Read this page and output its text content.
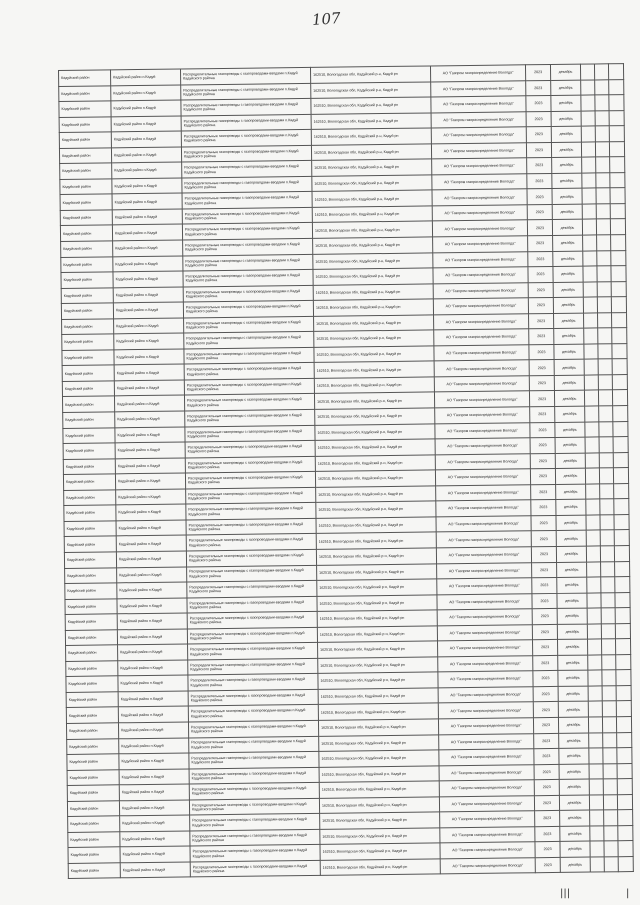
107
Кадуйский район	Кадуйский район п.Кадуй	Распределительные газопроводы с газопроводами-вводами п.Кадуй Кадуйского района	162510, Вологодская обл, Кадуйский р-н, Кадуй рп	АО "Газпром газораспределение Вологда"	2023	декабрь			
Кадуйский район	Кадуйский район п.Кадуй	Распределительные газопроводы с газопроводами-вводами п.Кадуй Кадуйского района	162510, Вологодская обл, Кадуйский р-н, Кадуй рп	АО "Газпром газораспределение Вологда"	2023	декабрь			
Кадуйский район	Кадуйский район п.Кадуй	Распределительные газопроводы с газопроводами-вводами п.Кадуй Кадуйского района	162510, Вологодская обл, Кадуйский р-н, Кадуй рп	АО "Газпром газораспределение Вологда"	2023	декабрь			
Кадуйский район	Кадуйский район п.Кадуй	Распределительные газопроводы с газопроводами-вводами п.Кадуй Кадуйского района	162510, Вологодская обл, Кадуйский р-н, Кадуй рп	АО "Газпром газораспределение Вологда"	2023	декабрь			
Кадуйский район	Кадуйский район п.Кадуй	Распределительные газопроводы с газопроводами-вводами п.Кадуй Кадуйского района	162510, Вологодская обл, Кадуйский р-н, Кадуй рп	АО "Газпром газораспределение Вологда"	2023	декабрь			
Кадуйский район	Кадуйский район п.Кадуй	Распределительные газопроводы с газопроводами-вводами п.Кадуй Кадуйского района	162510, Вологодская обл, Кадуйский р-н, Кадуй рп	АО "Газпром газораспределение Вологда"	2023	декабрь			
Кадуйский район	Кадуйский район п.Кадуй	Распределительные газопроводы с газопроводами-вводами п.Кадуй Кадуйского района	162510, Вологодская обл, Кадуйский р-н, Кадуй рп	АО "Газпром газораспределение Вологда"	2023	декабрь			
Кадуйский район	Кадуйский район п.Кадуй	Распределительные газопроводы с газопроводами-вводами п.Кадуй Кадуйского района	162510, Вологодская обл, Кадуйский р-н, Кадуй рп	АО "Газпром газораспределение Вологда"	2023	декабрь			
Кадуйский район	Кадуйский район п.Кадуй	Распределительные газопроводы с газопроводами-вводами п.Кадуй Кадуйского района	162510, Вологодская обл, Кадуйский р-н, Кадуй рп	АО "Газпром газораспределение Вологда"	2023	декабрь			
Кадуйский район	Кадуйский район п.Кадуй	Распределительные газопроводы с газопроводами-вводами п.Кадуй Кадуйского района	162510, Вологодская обл, Кадуйский р-н, Кадуй рп	АО "Газпром газораспределение Вологда"	2023	декабрь			
Кадуйский район	Кадуйский район п.Кадуй	Распределительные газопроводы с газопроводами-вводами п.Кадуй Кадуйского района	162510, Вологодская обл, Кадуйский р-н, Кадуй рп	АО "Газпром газораспределение Вологда"	2023	декабрь			
Кадуйский район	Кадуйский район п.Кадуй	Распределительные газопроводы с газопроводами-вводами п.Кадуй Кадуйского района	162510, Вологодская обл, Кадуйский р-н, Кадуй рп	АО "Газпром газораспределение Вологда"	2023	декабрь			
Кадуйский район	Кадуйский район п.Кадуй	Распределительные газопроводы с газопроводами-вводами п.Кадуй Кадуйского района	162510, Вологодская обл, Кадуйский р-н, Кадуй рп	АО "Газпром газораспределение Вологда"	2023	декабрь			
Кадуйский район	Кадуйский район п.Кадуй	Распределительные газопроводы с газопроводами-вводами п.Кадуй Кадуйского района	162510, Вологодская обл, Кадуйский р-н, Кадуй рп	АО "Газпром газораспределение Вологда"	2023	декабрь			
Кадуйский район	Кадуйский район п.Кадуй	Распределительные газопроводы с газопроводами-вводами п.Кадуй Кадуйского района	162510, Вологодская обл, Кадуйский р-н, Кадуй рп	АО "Газпром газораспределение Вологда"	2023	декабрь			
Кадуйский район	Кадуйский район п.Кадуй	Распределительные газопроводы с газопроводами-вводами п.Кадуй Кадуйского района	162510, Вологодская обл, Кадуйский р-н, Кадуй рп	АО "Газпром газораспределение Вологда"	2023	декабрь			
Кадуйский район	Кадуйский район п.Кадуй	Распределительные газопроводы с газопроводами-вводами п.Кадуй Кадуйского района	162510, Вологодская обл, Кадуйский р-н, Кадуй рп	АО "Газпром газораспределение Вологда"	2023	декабрь			
Кадуйский район	Кадуйский район п.Кадуй	Распределительные газопроводы с газопроводами-вводами п.Кадуй Кадуйского района	162510, Вологодская обл, Кадуйский р-н, Кадуй рп	АО "Газпром газораспределение Вологда"	2023	декабрь			
Кадуйский район	Кадуйский район п.Кадуй	Распределительные газопроводы с газопроводами-вводами п.Кадуй Кадуйского района	162510, Вологодская обл, Кадуйский р-н, Кадуй рп	АО "Газпром газораспределение Вологда"	2023	декабрь			
Кадуйский район	Кадуйский район п.Кадуй	Распределительные газопроводы с газопроводами-вводами п.Кадуй Кадуйского района	162510, Вологодская обл, Кадуйский р-н, Кадуй рп	АО "Газпром газораспределение Вологда"	2023	декабрь			
Кадуйский район	Кадуйский район п.Кадуй	Распределительные газопроводы с газопроводами-вводами п.Кадуй Кадуйского района	162510, Вологодская обл, Кадуйский р-н, Кадуй рп	АО "Газпром газораспределение Вологда"	2023	декабрь			
Кадуйский район	Кадуйский район п.Кадуй	Распределительные газопроводы с газопроводами-вводами п.Кадуй Кадуйского района	162510, Вологодская обл, Кадуйский р-н, Кадуй рп	АО "Газпром газораспределение Вологда"	2023	декабрь			
Кадуйский район	Кадуйский район п.Кадуй	Распределительные газопроводы с газопроводами-вводами п.Кадуй Кадуйского района	162510, Вологодская обл, Кадуйский р-н, Кадуй рп	АО "Газпром газораспределение Вологда"	2023	декабрь			
Кадуйский район	Кадуйский район п.Кадуй	Распределительные газопроводы с газопроводами-вводами п.Кадуй Кадуйского района	162510, Вологодская обл, Кадуйский р-н, Кадуй рп	АО "Газпром газораспределение Вологда"	2023	декабрь			
Кадуйский район	Кадуйский район п.Кадуй	Распределительные газопроводы с газопроводами-вводами п.Кадуй Кадуйского района	162510, Вологодская обл, Кадуйский р-н, Кадуй рп	АО "Газпром газораспределение Вологда"	2023	декабрь			
Кадуйский район	Кадуйский район п.Кадуй	Распределительные газопроводы с газопроводами-вводами п.Кадуй Кадуйского района	162510, Вологодская обл, Кадуйский р-н, Кадуй рп	АО "Газпром газораспределение Вологда"	2023	декабрь			
Кадуйский район	Кадуйский район п.Кадуй	Распределительные газопроводы с газопроводами-вводами п.Кадуй Кадуйского района	162510, Вологодская обл, Кадуйский р-н, Кадуй рп	АО "Газпром газораспределение Вологда"	2023	декабрь			
Кадуйский район	Кадуйский район п.Кадуй	Распределительные газопроводы с газопроводами-вводами п.Кадуй Кадуйского района	162510, Вологодская обл, Кадуйский р-н, Кадуй рп	АО "Газпром газораспределение Вологда"	2023	декабрь			
Кадуйский район	Кадуйский район п.Кадуй	Распределительные газопроводы с газопроводами-вводами п.Кадуй Кадуйского района	162510, Вологодская обл, Кадуйский р-н, Кадуй рп	АО "Газпром газораспределение Вологда"	2023	декабрь			
Кадуйский район	Кадуйский район п.Кадуй	Распределительные газопроводы с газопроводами-вводами п.Кадуй Кадуйского района	162510, Вологодская обл, Кадуйский р-н, Кадуй рп	АО "Газпром газораспределение Вологда"	2023	декабрь			
Кадуйский район	Кадуйский район п.Кадуй	Распределительные газопроводы с газопроводами-вводами п.Кадуй Кадуйского района	162510, Вологодская обл, Кадуйский р-н, Кадуй рп	АО "Газпром газораспределение Вологда"	2023	декабрь			
Кадуйский район	Кадуйский район п.Кадуй	Распределительные газопроводы с газопроводами-вводами п.Кадуй Кадуйского района	162510, Вологодская обл, Кадуйский р-н, Кадуй рп	АО "Газпром газораспределение Вологда"	2023	декабрь			
Кадуйский район	Кадуйский район п.Кадуй	Распределительные газопроводы с газопроводами-вводами п.Кадуй Кадуйского района	162510, Вологодская обл, Кадуйский р-н, Кадуй рп	АО "Газпром газораспределение Вологда"	2023	декабрь			
Кадуйский район	Кадуйский район п.Кадуй	Распределительные газопроводы с газопроводами-вводами п.Кадуй Кадуйского района	162510, Вологодская обл, Кадуйский р-н, Кадуй рп	АО "Газпром газораспределение Вологда"	2023	декабрь			
Кадуйский район	Кадуйский район п.Кадуй	Распределительные газопроводы с газопроводами-вводами п.Кадуй Кадуйского района	162510, Вологодская обл, Кадуйский р-н, Кадуй рп	АО "Газпром газораспределение Вологда"	2023	декабрь			
Кадуйский район	Кадуйский район п.Кадуй	Распределительные газопроводы с газопроводами-вводами п.Кадуй Кадуйского района	162510, Вологодская обл, Кадуйский р-н, Кадуй рп	АО "Газпром газораспределение Вологда"	2023	декабрь			
Кадуйский район	Кадуйский район п.Кадуй	Распределительные газопроводы с газопроводами-вводами п.Кадуй Кадуйского района	162510, Вологодская обл, Кадуйский р-н, Кадуй рп	АО "Газпром газораспределение Вологда"	2023	декабрь			
Кадуйский район	Кадуйский район п.Кадуй	Распределительные газопроводы с газопроводами-вводами п.Кадуй Кадуйского района	162510, Вологодская обл, Кадуйский р-н, Кадуй рп	АО "Газпром газораспределение Вологда"	2023	декабрь			
Кадуйский район	Кадуйский район п.Кадуй	Распределительные газопроводы с газопроводами-вводами п.Кадуй Кадуйского района	162510, Вологодская обл, Кадуйский р-н, Кадуй рп	АО "Газпром газораспределение Вологда"	2023	декабрь			
Кадуйский район	Кадуйский район п.Кадуй	Распределительные газопроводы с газопроводами-вводами п.Кадуй Кадуйского района	162510, Вологодская обл, Кадуйский р-н, Кадуй рп	АО "Газпром газораспределение Вологда"	2023	декабрь			
Кадуйский район	Кадуйский район п.Кадуй	Распределительные газопроводы с газопроводами-вводами п.Кадуй Кадуйского района	162510, Вологодская обл, Кадуйский р-н, Кадуй рп	АО "Газпром газораспределение Вологда"	2023	декабрь			
Кадуйский район	Кадуйский район п.Кадуй	Распределительные газопроводы с газопроводами-вводами п.Кадуй Кадуйского района	162510, Вологодская обл, Кадуйский р-н, Кадуй рп	АО "Газпром газораспределение Вологда"	2023	декабрь			
Кадуйский район	Кадуйский район п.Кадуй	Распределительные газопроводы с газопроводами-вводами п.Кадуй Кадуйского района	162510, Вологодская обл, Кадуйский р-н, Кадуй рп	АО "Газпром газораспределение Вологда"	2023	декабрь			
Кадуйский район	Кадуйский район п.Кадуй	Распределительные газопроводы с газопроводами-вводами п.Кадуй Кадуйского района	162510, Вологодская обл, Кадуйский р-н, Кадуй рп	АО "Газпром газораспределение Вологда"	2023	декабрь			
Кадуйский район	Кадуйский район п.Кадуй	Распределительные газопроводы с газопроводами-вводами п.Кадуй Кадуйского района	162510, Вологодская обл, Кадуйский р-н, Кадуй рп	АО "Газпром газораспределение Вологда"	2023	декабрь			
Кадуйский район	Кадуйский район п.Кадуй	Распределительные газопроводы с газопроводами-вводами п.Кадуй Кадуйского района	162510, Вологодская обл, Кадуйский р-н, Кадуй рп	АО "Газпром газораспределение Вологда"	2023	декабрь			
Кадуйский район	Кадуйский район п.Кадуй	Распределительные газопроводы с газопроводами-вводами п.Кадуй Кадуйского района	162510, Вологодская обл, Кадуйский р-н, Кадуй рп	АО "Газпром газораспределение Вологда"	2023	декабрь			
Кадуйский район	Кадуйский район п.Кадуй	Распределительные газопроводы с газопроводами-вводами п.Кадуй Кадуйского района	162510, Вологодская обл, Кадуйский р-н, Кадуй рп	АО "Газпром газораспределение Вологда"	2023	декабрь			
Кадуйский район	Кадуйский район п.Кадуй	Распределительные газопроводы с газопроводами-вводами п.Кадуй Кадуйского района	162510, Вологодская обл, Кадуйский р-н, Кадуй рп	АО "Газпром газораспределение Вологда"	2023	декабрь			
Кадуйский район	Кадуйский район п.Кадуй	Распределительные газопроводы с газопроводами-вводами п.Кадуй Кадуйского района	162510, Вологодская обл, Кадуйский р-н, Кадуй рп	АО "Газпром газораспределение Вологда"	2023	декабрь			
Кадуйский район	Кадуйский район п.Кадуй	Распределительные газопроводы с газопроводами-вводами п.Кадуй Кадуйского района	162510, Вологодская обл, Кадуйский р-н, Кадуй рп	АО "Газпром газораспределение Вологда"	2023	декабрь			
Кадуйский район	Кадуйский район п.Кадуй	Распределительные газопроводы с газопроводами-вводами п.Кадуй Кадуйского района	162510, Вологодская обл, Кадуйский р-н, Кадуй рп	АО "Газпром газораспределение Вологда"	2023	декабрь			
|||	|
